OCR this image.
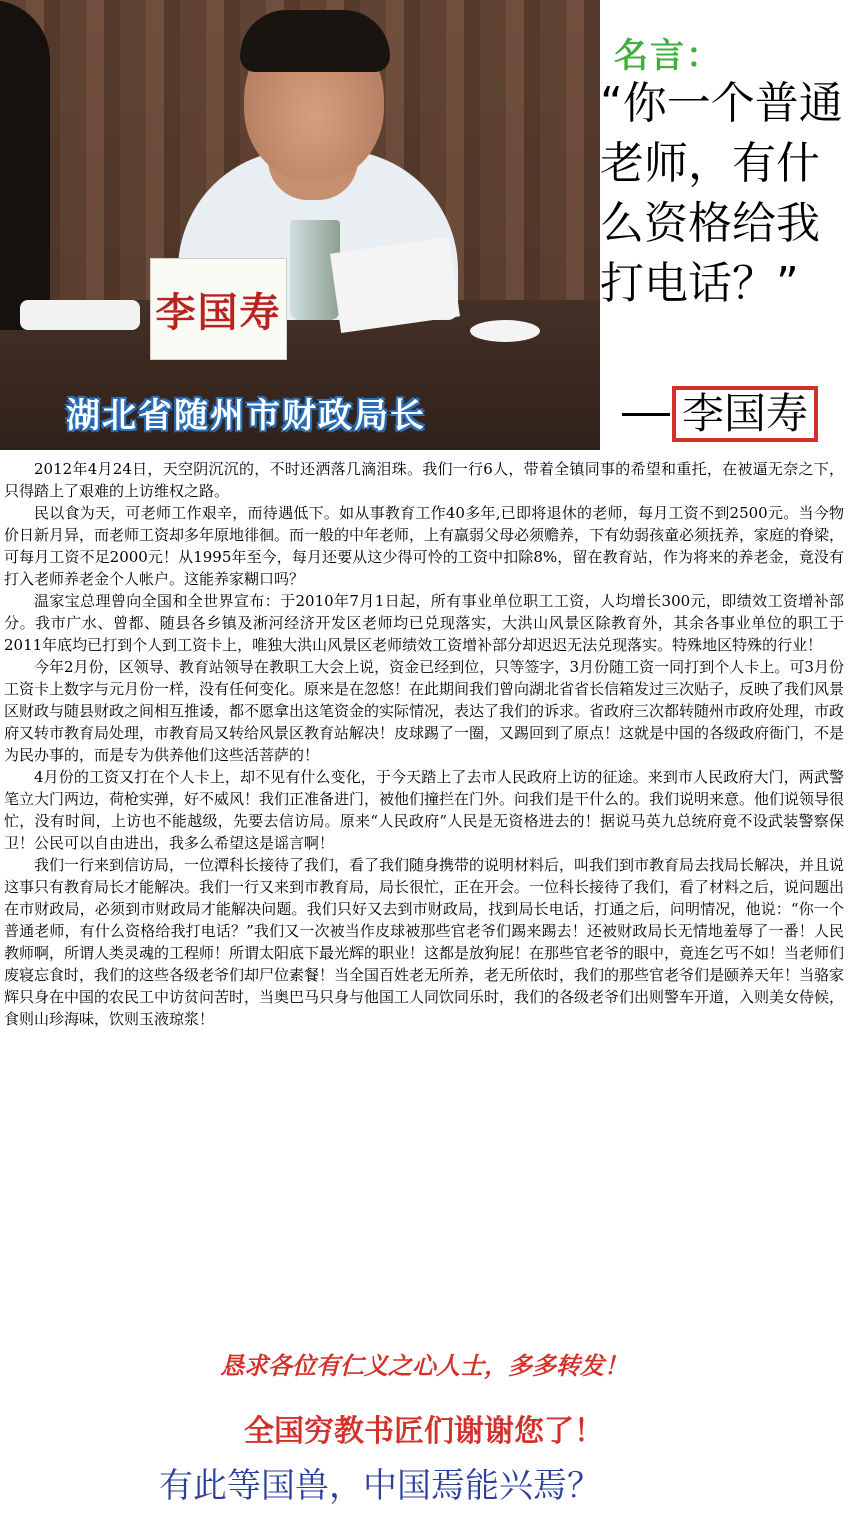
李国寿
湖北省随州市财政局长
名言：
“你一个普通老师，有什么资格给我打电话？”
李国寿

2012年4月24日，天空阴沉沉的，不时还洒落几滴泪珠。我们一行6人，带着全镇同事的希望和重托，在被逼无奈之下，只得踏上了艰难的上访维权之路。

民以食为天，可老师工作艰辛，而待遇低下。如从事教育工作40多年,已即将退休的老师，每月工资不到2500元。当今物价日新月异，而老师工资却多年原地徘徊。而一般的中年老师，上有羸弱父母必须赡养，下有幼弱孩童必须抚养，家庭的脊梁，可每月工资不足2000元！从1995年至今，每月还要从这少得可怜的工资中扣除8%，留在教育站，作为将来的养老金，竟没有打入老师养老金个人帐户。这能养家糊口吗？

温家宝总理曾向全国和全世界宣布：于2010年7月1日起，所有事业单位职工工资，人均增长300元，即绩效工资增补部分。我市广水、曾都、随县各乡镇及淅河经济开发区老师均已兑现落实，大洪山风景区除教育外，其余各事业单位的职工于2011年底均已打到个人到工资卡上，唯独大洪山风景区老师绩效工资增补部分却迟迟无法兑现落实。特殊地区特殊的行业！

今年2月份，区领导、教育站领导在教职工大会上说，资金已经到位，只等签字，3月份随工资一同打到个人卡上。可3月份工资卡上数字与元月份一样，没有任何变化。原来是在忽悠！在此期间我们曾向湖北省省长信箱发过三次贴子，反映了我们风景区财政与随县财政之间相互推诿，都不愿拿出这笔资金的实际情况，表达了我们的诉求。省政府三次都转随州市政府处理，市政府又转市教育局处理，市教育局又转给风景区教育站解决！皮球踢了一圈，又踢回到了原点！这就是中国的各级政府衙门，不是为民办事的，而是专为供养他们这些活菩萨的！

4月份的工资又打在个人卡上，却不见有什么变化，于今天踏上了去市人民政府上访的征途。来到市人民政府大门，两武警笔立大门两边，荷枪实弹，好不威风！我们正准备进门，被他们撞拦在门外。问我们是干什么的。我们说明来意。他们说领导很忙，没有时间，上访也不能越级，先要去信访局。原来“人民政府”人民是无资格进去的！据说马英九总统府竟不设武装警察保卫！公民可以自由进出，我多么希望这是谣言啊！

我们一行来到信访局，一位潭科长接待了我们，看了我们随身携带的说明材料后，叫我们到市教育局去找局长解决，并且说这事只有教育局长才能解决。我们一行又来到市教育局，局长很忙，正在开会。一位科长接待了我们，看了材料之后，说问题出在市财政局，必须到市财政局才能解决问题。我们只好又去到市财政局，找到局长电话，打通之后，问明情况，他说：“你一个普通老师，有什么资格给我打电话？”我们又一次被当作皮球被那些官老爷们踢来踢去！还被财政局长无情地羞辱了一番！人民教师啊，所谓人类灵魂的工程师！所谓太阳底下最光辉的职业！这都是放狗屁！在那些官老爷的眼中，竟连乞丐不如！当老师们废寝忘食时，我们的这些各级老爷们却尸位素餐！当全国百姓老无所养，老无所依时，我们的那些官老爷们是颐养天年！当骆家辉只身在中国的农民工中访贫问苦时，当奥巴马只身与他国工人同饮同乐时，我们的各级老爷们出则警车开道，入则美女侍候，食则山珍海味，饮则玉液琼浆！

恳求各位有仁义之心人士，多多转发！
全国穷教书匠们谢谢您了！
有此等国兽，中国焉能兴焉？
